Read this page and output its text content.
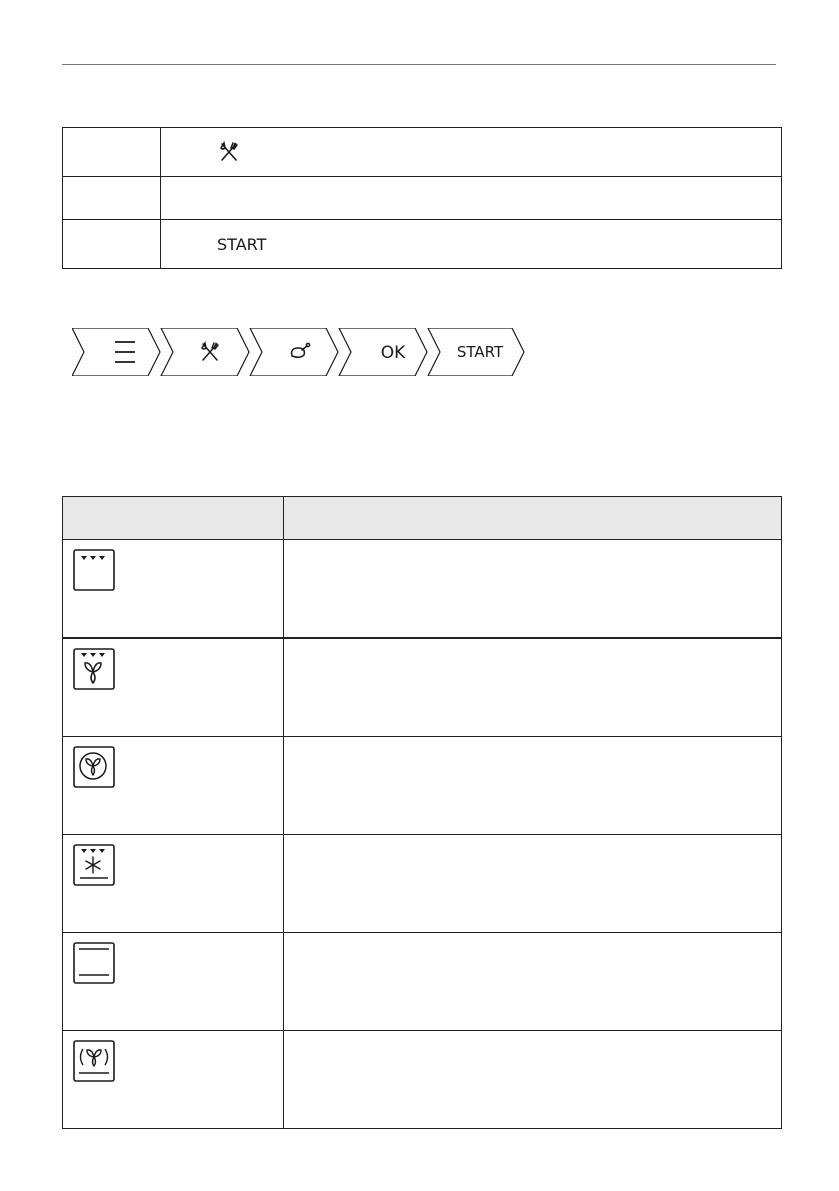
	START
OK	START
